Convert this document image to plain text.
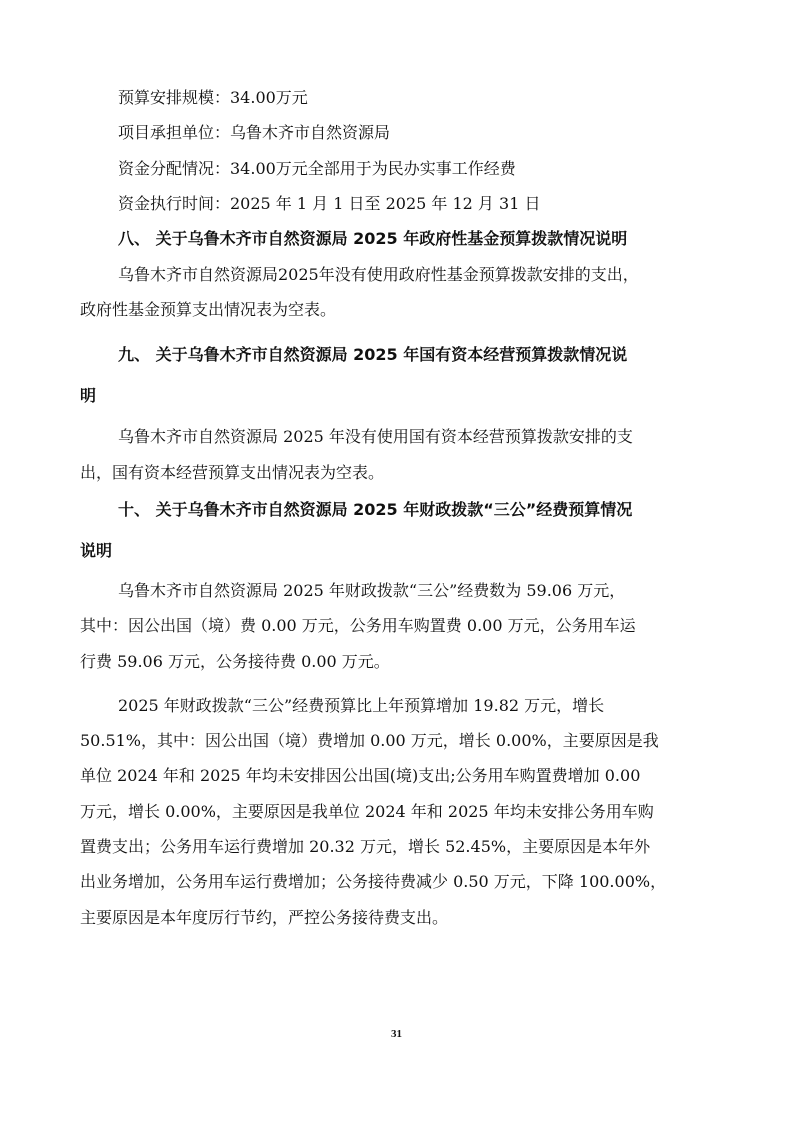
预算安排规模：34.00万元

项目承担单位：乌鲁木齐市自然资源局

资金分配情况：34.00万元全部用于为民办实事工作经费

资金执行时间：2025 年 1 月 1 日至 2025 年 12 月 31 日

八、 关于乌鲁木齐市自然资源局 2025 年政府性基金预算拨款情况说明

乌鲁木齐市自然资源局2025年没有使用政府性基金预算拨款安排的支出，

政府性基金预算支出情况表为空表。

九、 关于乌鲁木齐市自然资源局 2025 年国有资本经营预算拨款情况说

明

乌鲁木齐市自然资源局 2025 年没有使用国有资本经营预算拨款安排的支

出，国有资本经营预算支出情况表为空表。

十、 关于乌鲁木齐市自然资源局 2025 年财政拨款“三公”经费预算情况

说明

乌鲁木齐市自然资源局 2025 年财政拨款“三公”经费数为 59.06 万元，

其中：因公出国（境）费 0.00 万元，公务用车购置费 0.00 万元，公务用车运

行费 59.06 万元，公务接待费 0.00 万元。

2025 年财政拨款“三公”经费预算比上年预算增加 19.82 万元，增长

50.51%，其中：因公出国（境）费增加 0.00 万元，增长 0.00%，主要原因是我

单位 2024 年和 2025 年均未安排因公出国(境)支出;公务用车购置费增加 0.00

万元，增长 0.00%，主要原因是我单位 2024 年和 2025 年均未安排公务用车购

置费支出；公务用车运行费增加 20.32 万元，增长 52.45%，主要原因是本年外

出业务增加，公务用车运行费增加；公务接待费减少 0.50 万元，下降 100.00%，

主要原因是本年度厉行节约，严控公务接待费支出。

31
